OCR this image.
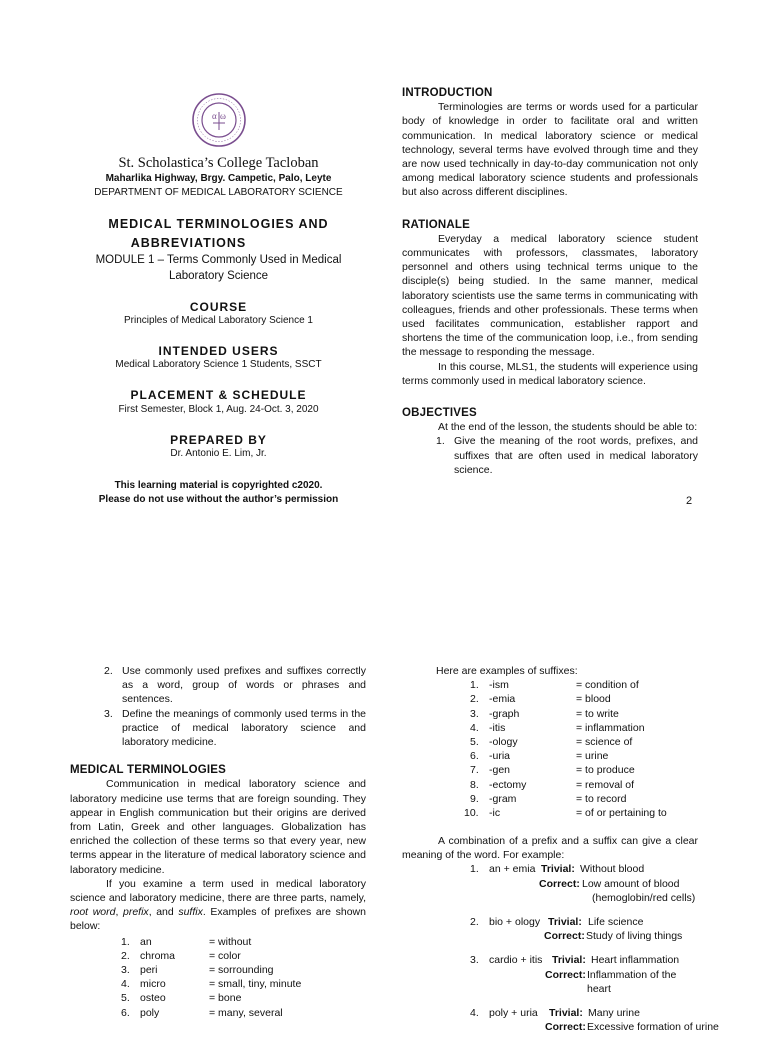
α ω
St. Scholastica’s College Tacloban
Maharlika Highway, Brgy. Campetic, Palo, Leyte
DEPARTMENT OF MEDICAL LABORATORY SCIENCE
MEDICAL TERMINOLOGIES AND
ABBREVIATIONS
MODULE 1 – Terms Commonly Used in Medical Laboratory Science
COURSE
Principles of Medical Laboratory Science 1
INTENDED USERS
Medical Laboratory Science 1 Students, SSCT
PLACEMENT & SCHEDULE
First Semester, Block 1, Aug. 24-Oct. 3, 2020
PREPARED BY
Dr. Antonio E. Lim, Jr.
This learning material is copyrighted c2020.
Please do not use without the author’s permission
INTRODUCTION

Terminologies are terms or words used for a particular body of knowledge in order to facilitate oral and written communication. In medical laboratory science or medical technology, several terms have evolved through time and they are now used technically in day-to-day communication not only among medical laboratory science students and professionals but also across different disciplines.

RATIONALE

Everyday a medical laboratory science student communicates with professors, classmates, laboratory personnel and others using technical terms unique to the disciple(s) being studied. In the same manner, medical laboratory scientists use the same terms in communicating with colleagues, friends and other professionals. These terms when used facilitates communication, establisher rapport and shortens the time of the communication loop, i.e., from sending the message to responding the message.

In this course, MLS1, the students will experience using terms commonly used in medical laboratory science.

OBJECTIVES

At the end of the lesson, the students should be able to:

1. Give the meaning of the root words, prefixes, and suffixes that are often used in medical laboratory science.
2
2. Use commonly used prefixes and suffixes correctly as a word, group of words or phrases and sentences.
3. Define the meanings of commonly used terms in the practice of medical laboratory science and laboratory medicine.
MEDICAL TERMINOLOGIES

Communication in medical laboratory science and laboratory medicine use terms that are foreign sounding. They appear in English communication but their origins are derived from Latin, Greek and other languages. Globalization has enriched the collection of these terms so that every year, new terms appear in the literature of medical laboratory science and laboratory medicine.

If you examine a term used in medical laboratory science and laboratory medicine, there are three parts, namely, root word, prefix, and suffix. Examples of prefixes are shown below:

1. an	= without
2. chroma	= color
3. peri	= sorrounding
4. micro	= small, tiny, minute
5. osteo	= bone
6. poly	= many, several

Here are examples of suffixes:

1. -ism	= condition of
2. -emia	= blood
3. -graph	= to write
4. -itis	= inflammation
5. -ology	= science of
6. -uria	= urine
7. -gen	= to produce
8. -ectomy	= removal of
9. -gram	= to record
10. -ic	= of or pertaining to

A combination of a prefix and a suffix can give a clear meaning of the word. For example:

1. an + emia Trivial: Without blood
Correct: Low amount of blood
(hemoglobin/red cells)
2. bio + ology Trivial: Life science
Correct: Study of living things
3. cardio + itis Trivial: Heart inflammation
Correct: Inflammation of the
heart
4. poly + uria Trivial: Many urine
Correct: Excessive formation of urine
